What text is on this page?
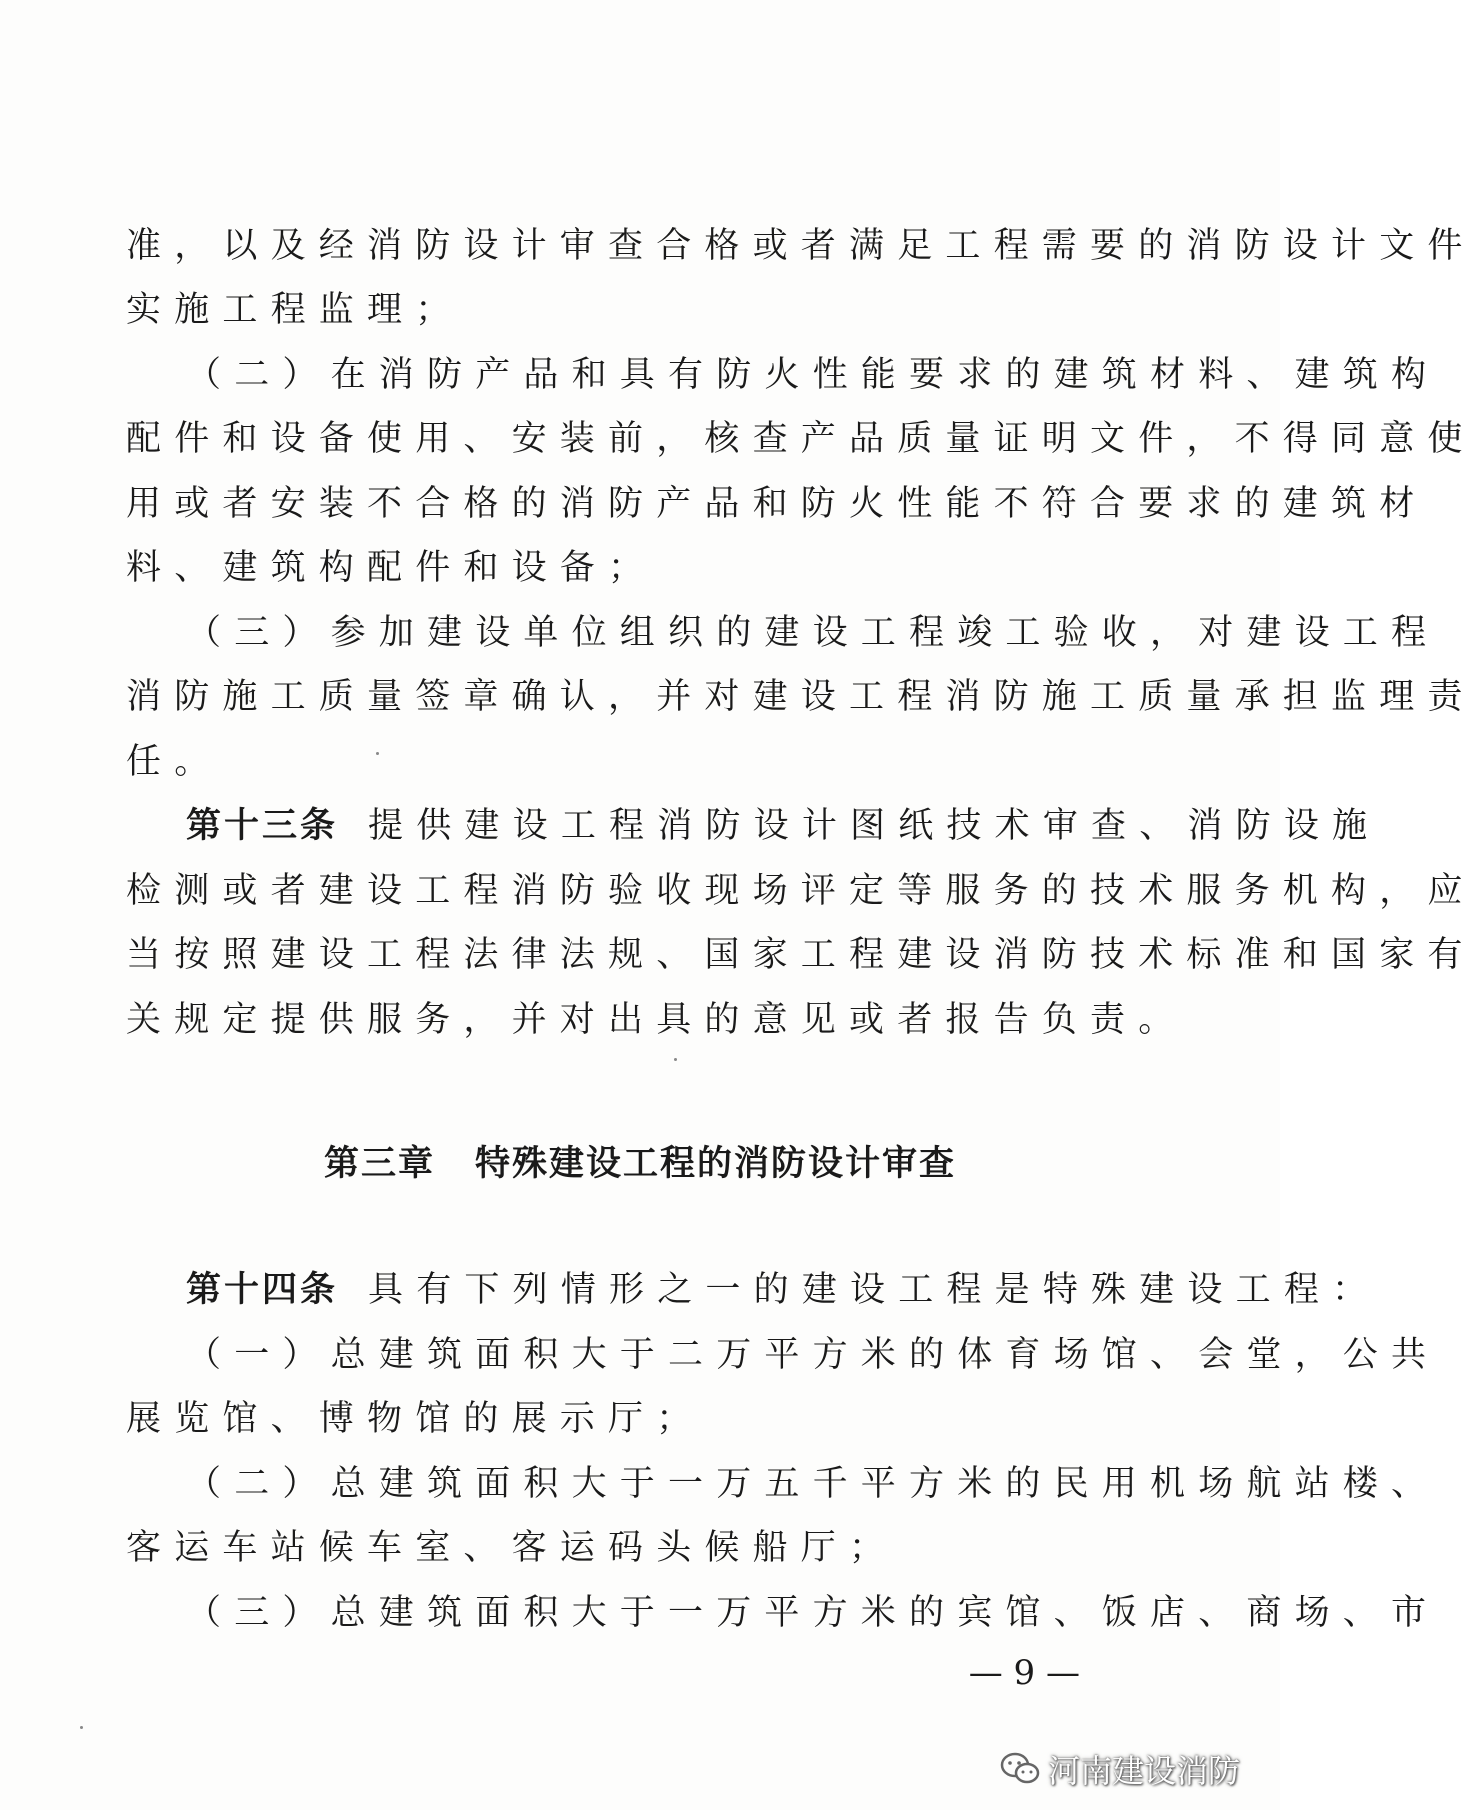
准，以及经消防设计审查合格或者满足工程需要的消防设计文件
实施工程监理；
（二）在消防产品和具有防火性能要求的建筑材料、建筑构
配件和设备使用、安装前，核查产品质量证明文件，不得同意使
用或者安装不合格的消防产品和防火性能不符合要求的建筑材
料、建筑构配件和设备；
（三）参加建设单位组织的建设工程竣工验收，对建设工程
消防施工质量签章确认，并对建设工程消防施工质量承担监理责
任。
第十三条 提供建设工程消防设计图纸技术审查、消防设施
检测或者建设工程消防验收现场评定等服务的技术服务机构，应
当按照建设工程法律法规、国家工程建设消防技术标准和国家有
关规定提供服务，并对出具的意见或者报告负责。
第三章 特殊建设工程的消防设计审查
第十四条 具有下列情形之一的建设工程是特殊建设工程：
（一）总建筑面积大于二万平方米的体育场馆、会堂，公共
展览馆、博物馆的展示厅；
（二）总建筑面积大于一万五千平方米的民用机场航站楼、
客运车站候车室、客运码头候船厅；
（三）总建筑面积大于一万平方米的宾馆、饭店、商场、市
— 9 —
河南建设消防
